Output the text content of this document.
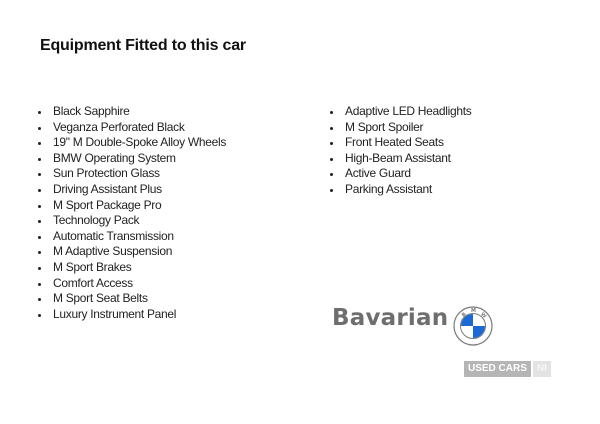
Equipment Fitted to this car
Black Sapphire
Veganza Perforated Black
19" M Double-Spoke Alloy Wheels
BMW Operating System
Sun Protection Glass
Driving Assistant Plus
M Sport Package Pro
Technology Pack
Automatic Transmission
M Adaptive Suspension
M Sport Brakes
Comfort Access
M Sport Seat Belts
Luxury Instrument Panel
Adaptive LED Headlights
M Sport Spoiler
Front Heated Seats
High-Beam Assistant
Active Guard
Parking Assistant
Bavarian	B
M
W
USED CARS	NI
